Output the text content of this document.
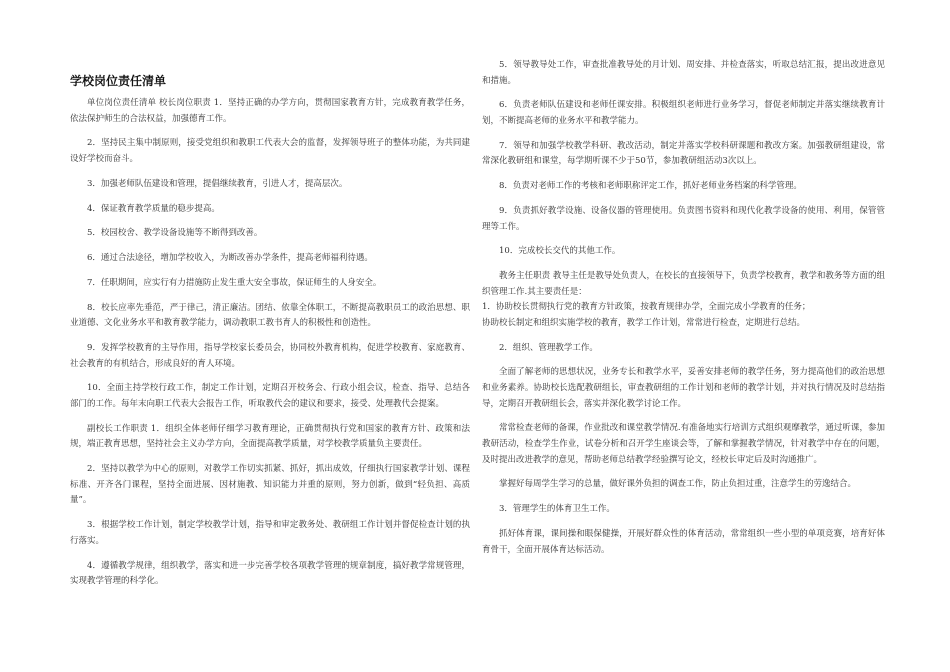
学校岗位责任清单

单位岗位责任清单 校长岗位职责 1．坚持正确的办学方向，贯彻国家教育方针，完成教育教学任务，依法保护师生的合法权益，加强德育工作。

2．坚持民主集中制原则，接受党组织和教职工代表大会的监督，发挥领导班子的整体功能，为共同建设好学校而奋斗。

3．加强老师队伍建设和管理，提倡继续教育，引进人才，提高层次。

4．保证教育教学质量的稳步提高。

5．校园校舍、教学设备设施等不断得到改善。

6．通过合法途径，增加学校收入，为断改善办学条件，提高老师福利待遇。

7．任职期间，应实行有力措施防止发生重大安全事故，保证师生的人身安全。

8．校长应率先垂范，严于律己，清正廉洁。团结、依靠全体职工，不断提高教职员工的政治思想、职业道德、文化业务水平和教育教学能力，调动教职工教书育人的积极性和创造性。

9．发挥学校教育的主导作用，指导学校家长委员会，协同校外教育机构，促进学校教育、家庭教育、社会教育的有机结合，形成良好的育人环境。

10．全面主持学校行政工作，制定工作计划，定期召开校务会、行政小组会议，检查、指导、总结各部门的工作。每年末向职工代表大会报告工作，听取教代会的建议和要求，接受、处理教代会提案。

副校长工作职责 1．组织全体老师仔细学习教育理论，正确贯彻执行党和国家的教育方针、政策和法规，端正教育思想，坚持社会主义办学方向，全面提高教学质量，对学校教学质量负主要责任。

2．坚持以教学为中心的原则，对教学工作切实抓紧、抓好，抓出成效，仔细执行国家教学计划、课程标准、开齐各门课程，坚持全面进展、因材施教、知识能力并重的原则，努力创新，做到“轻负担、高质量”。

3．根据学校工作计划，制定学校教学计划，指导和审定教务处、教研组工作计划并督促检查计划的执行落实。

4．遵循教学规律，组织教学，落实和进一步完善学校各项教学管理的规章制度，搞好教学常规管理，实现教学管理的科学化。

5．领导教导处工作，审查批准教导处的月计划、周安排、并检查落实，听取总结汇报，提出改进意见和措施。

6．负责老师队伍建设和老师任课安排。积极组织老师进行业务学习，督促老师制定并落实继续教育计划，不断提高老师的业务水平和教学能力。

7．领导和加强学校教学科研、教改活动，制定并落实学校科研课题和教改方案。加强教研组建设，常常深化教研组和课堂，每学期听课不少于50节，参加教研组活动3次以上。

8．负责对老师工作的考核和老师职称评定工作，抓好老师业务档案的科学管理。

9．负责抓好教学设施、设备仪器的管理使用。负责图书资料和现代化教学设备的使用、利用，保管管理等工作。

10．完成校长交代的其他工作。

教务主任职责 教导主任是教导处负责人，在校长的直接领导下，负责学校教育，教学和教务等方面的组织管理工作.其主要责任是：

1．协助校长贯彻执行党的教育方针政策，按教育规律办学，全面完成小学教育的任务；

协助校长制定和组织实施学校的教育，教学工作计划，常常进行检查，定期进行总结。

2．组织、管理教学工作。

全面了解老师的思想状况，业务专长和教学水平，妥善安排老师的教学任务，努力提高他们的政治思想和业务素养。协助校长选配教研组长，审查教研组的工作计划和老师的教学计划，并对执行情况及时总结指导，定期召开教研组长会，落实并深化教学讨论工作。

常常检查老师的备课，作业批改和课堂教学情况.有准备地实行培训方式组织观摩教学，通过听课，参加教研活动，检查学生作业，试卷分析和召开学生座谈会等，了解和掌握教学情况，针对教学中存在的问题，及时提出改进教学的意见，帮助老师总结教学经验撰写论文，经校长审定后及时沟通推广。

掌握好每周学生学习的总量，做好课外负担的调查工作，防止负担过重，注意学生的劳逸结合。

3．管理学生的体育卫生工作。

抓好体育课，课间操和眼保健操，开展好群众性的体育活动，常常组织一些小型的单项竞赛，培育好体育骨干，全面开展体育达标活动。
